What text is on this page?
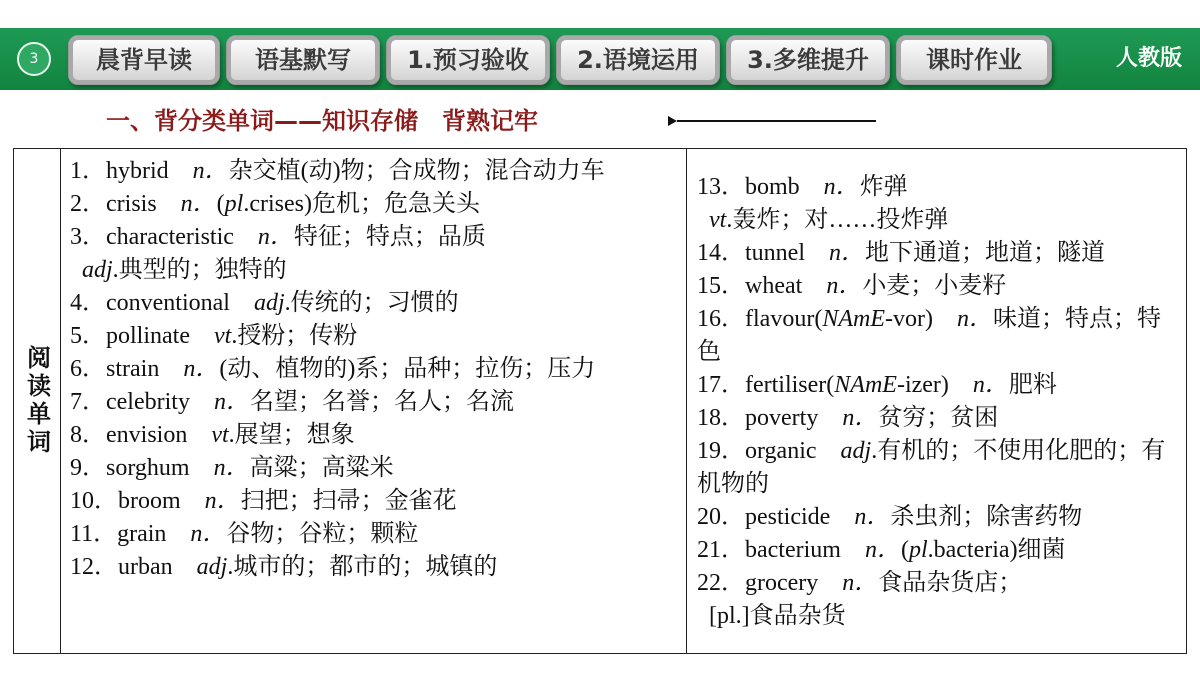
3	晨背早读	语基默写	1.预习验收	2.语境运用	3.多维提升	课时作业	人教版
一、背分类单词——知识存储　背熟记牢
阅读单词

1．hybrid　 n．杂交植(动)物；合成物；混合动力车

2．crisis　 n．(pl.crises)危机；危急关头

3．characteristic　 n．特征；特点；品质
adj.典型的；独特的

4．conventional　 adj.传统的；习惯的

5．pollinate　 vt.授粉；传粉

6．strain　 n．(动、植物的)系；品种；拉伤；压力

7．celebrity　 n．名望；名誉；名人；名流

8．envision　 vt.展望；想象

9．sorghum　 n．高粱；高粱米

10．broom　 n．扫把；扫帚；金雀花

11．grain　 n．谷物；谷粒；颗粒

12．urban　 adj.城市的；都市的；城镇的

13．bomb　 n．炸弹
vt.轰炸；对……投炸弹

14．tunnel　 n．地下通道；地道；隧道

15．wheat　 n．小麦；小麦籽

16．flavour(NAmE-vor)　 n．味道；特点；特色

17．fertiliser(NAmE-izer)　 n．肥料

18．poverty　 n．贫穷；贫困

19．organic　 adj.有机的；不使用化肥的；有机物的

20．pesticide　 n．杀虫剂；除害药物

21．bacterium　 n．(pl.bacteria)细菌

22．grocery　 n．食品杂货店；
[pl.]食品杂货
